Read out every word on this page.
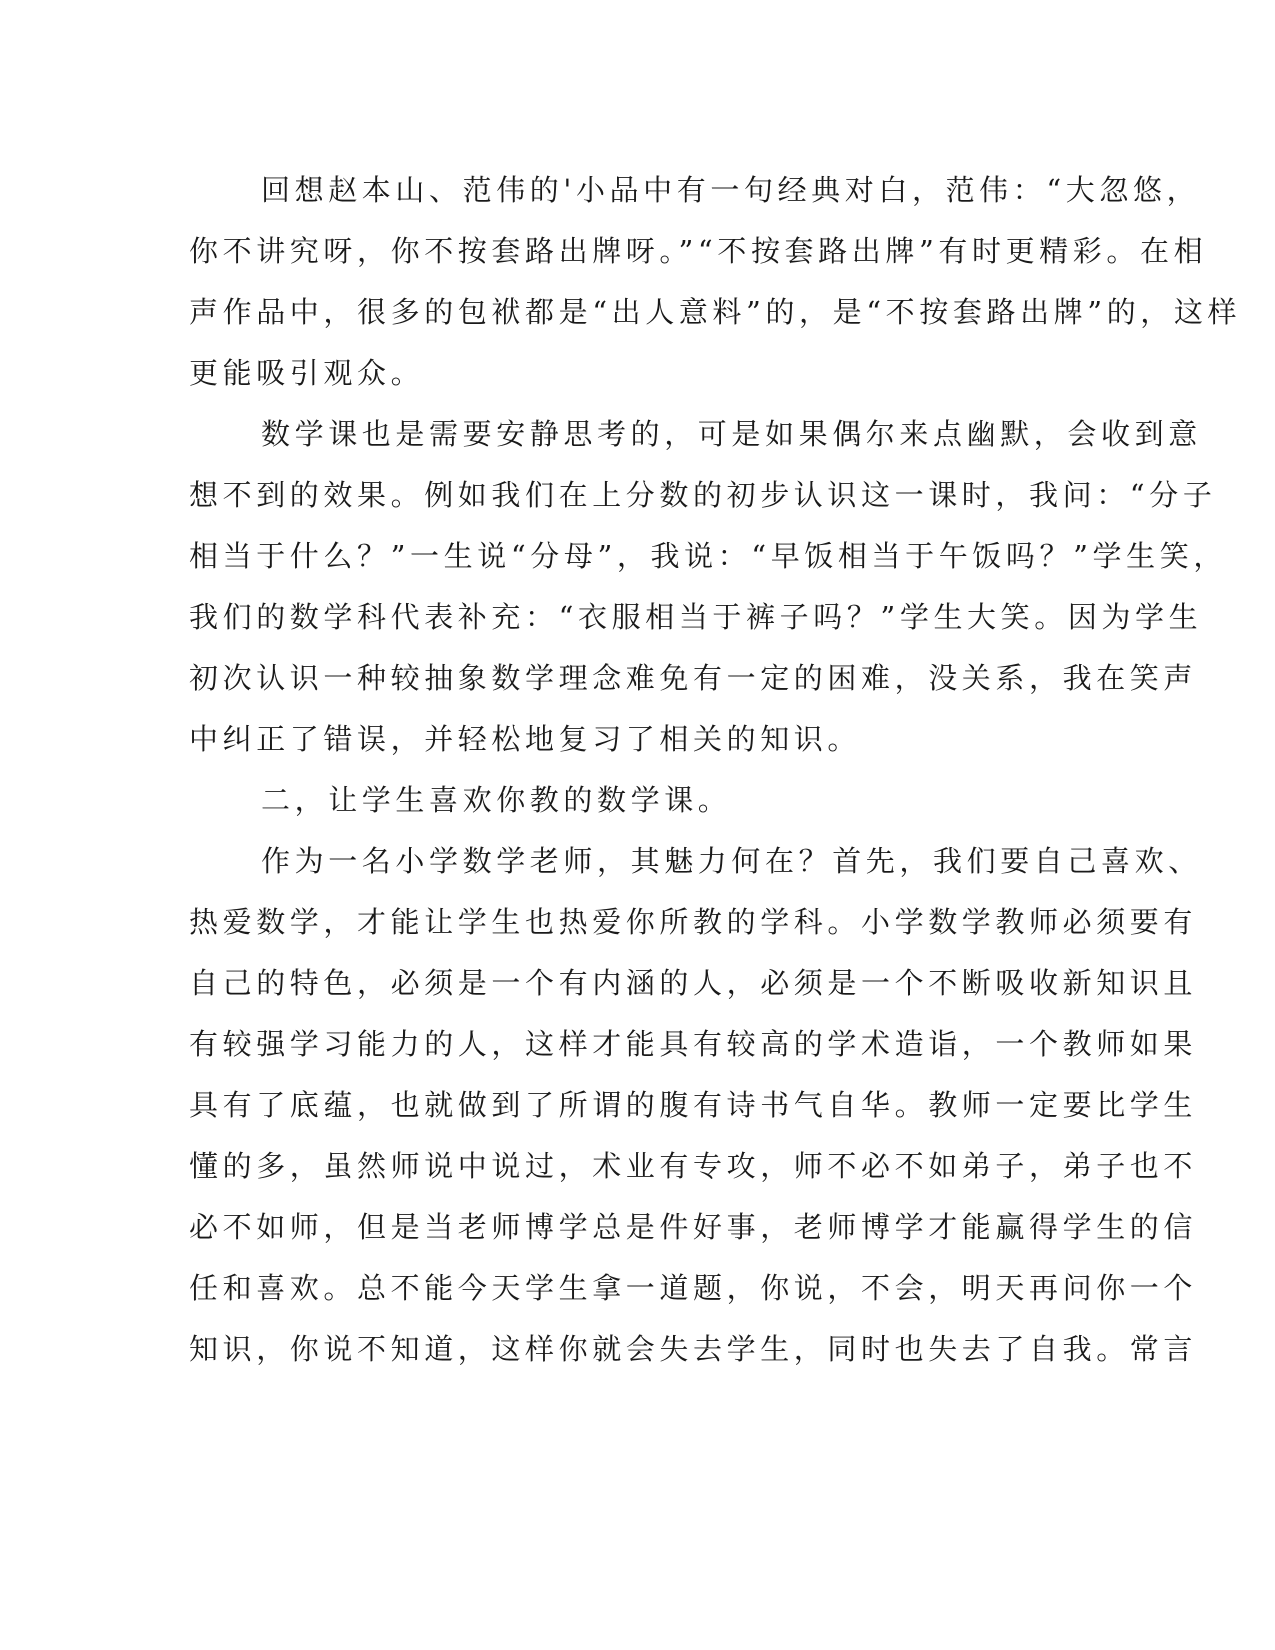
回想赵本山、范伟的'小品中有一句经典对白，范伟：“大忽悠，
你不讲究呀，你不按套路出牌呀。”“不按套路出牌”有时更精彩。在相
声作品中，很多的包袱都是“出人意料”的，是“不按套路出牌”的，这样
更能吸引观众。
数学课也是需要安静思考的，可是如果偶尔来点幽默，会收到意
想不到的效果。例如我们在上分数的初步认识这一课时，我问：“分子
相当于什么？”一生说“分母”，我说：“早饭相当于午饭吗？”学生笑，
我们的数学科代表补充：“衣服相当于裤子吗？”学生大笑。因为学生
初次认识一种较抽象数学理念难免有一定的困难，没关系，我在笑声
中纠正了错误，并轻松地复习了相关的知识。
二，让学生喜欢你教的数学课。
作为一名小学数学老师，其魅力何在？首先，我们要自己喜欢、
热爱数学，才能让学生也热爱你所教的学科。小学数学教师必须要有
自己的特色，必须是一个有内涵的人，必须是一个不断吸收新知识且
有较强学习能力的人，这样才能具有较高的学术造诣，一个教师如果
具有了底蕴，也就做到了所谓的腹有诗书气自华。教师一定要比学生
懂的多，虽然师说中说过，术业有专攻，师不必不如弟子，弟子也不
必不如师，但是当老师博学总是件好事，老师博学才能赢得学生的信
任和喜欢。总不能今天学生拿一道题，你说，不会，明天再问你一个
知识，你说不知道，这样你就会失去学生，同时也失去了自我。常言
